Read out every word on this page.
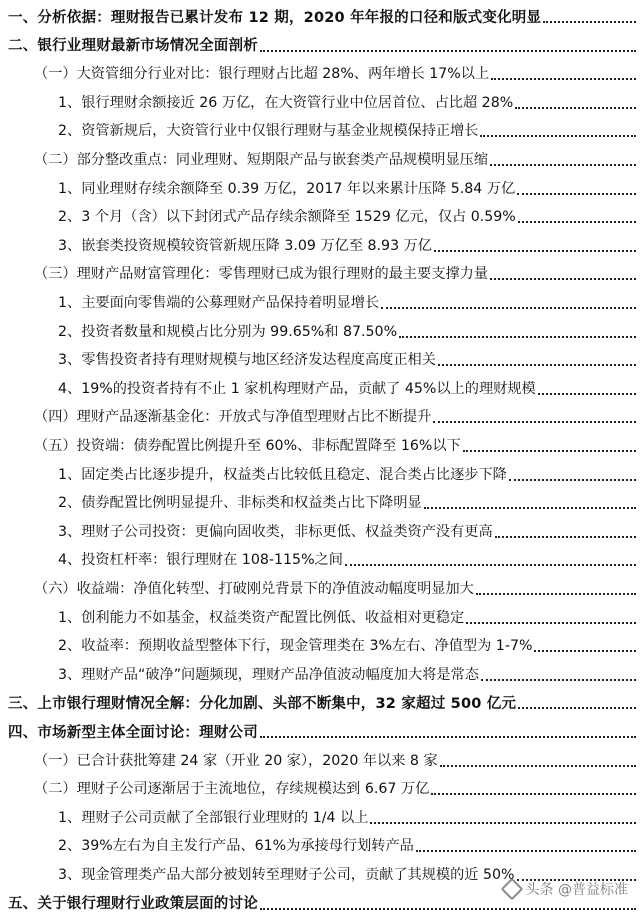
一、分析依据：理财报告已累计发布 12 期，2020 年年报的口径和版式变化明显
二、银行业理财最新市场情况全面剖析
（一）大资管细分行业对比：银行理财占比超 28%、两年增长 17%以上
1、银行理财余额接近 26 万亿，在大资管行业中位居首位、占比超 28%
2、资管新规后，大资管行业中仅银行理财与基金业规模保持正增长
（二）部分整改重点：同业理财、短期限产品与嵌套类产品规模明显压缩
1、同业理财存续余额降至 0.39 万亿，2017 年以来累计压降 5.84 万亿
2、3 个月（含）以下封闭式产品存续余额降至 1529 亿元，仅占 0.59%
3、嵌套类投资规模较资管新规压降 3.09 万亿至 8.93 万亿
（三）理财产品财富管理化：零售理财已成为银行理财的最主要支撑力量
1、主要面向零售端的公募理财产品保持着明显增长
2、投资者数量和规模占比分别为 99.65%和 87.50%
3、零售投资者持有理财规模与地区经济发达程度高度正相关
4、19%的投资者持有不止 1 家机构理财产品，贡献了 45%以上的理财规模
（四）理财产品逐渐基金化：开放式与净值型理财占比不断提升
（五）投资端：债券配置比例提升至 60%、非标配置降至 16%以下
1、固定类占比逐步提升，权益类占比较低且稳定、混合类占比逐步下降
2、债券配置比例明显提升、非标类和权益类占比下降明显
3、理财子公司投资：更偏向固收类，非标更低、权益类资产没有更高
4、投资杠杆率：银行理财在 108-115%之间
（六）收益端：净值化转型、打破刚兑背景下的净值波动幅度明显加大
1、创利能力不如基金，权益类资产配置比例低、收益相对更稳定
2、收益率：预期收益型整体下行，现金管理类在 3%左右、净值型为 1-7%
3、理财产品“破净”问题频现，理财产品净值波动幅度加大将是常态
三、上市银行理财情况全解：分化加剧、头部不断集中，32 家超过 500 亿元
四、市场新型主体全面讨论：理财公司
（一）已合计获批筹建 24 家（开业 20 家），2020 年以来 8 家
（二）理财子公司逐渐居于主流地位，存续规模达到 6.67 万亿
1、理财子公司贡献了全部银行业理财的 1/4 以上
2、39%左右为自主发行产品、61%为承接母行划转产品
3、现金管理类产品大部分被划转至理财子公司，贡献了其规模的近 50%
五、关于银行理财行业政策层面的讨论
头条 @普益标准
